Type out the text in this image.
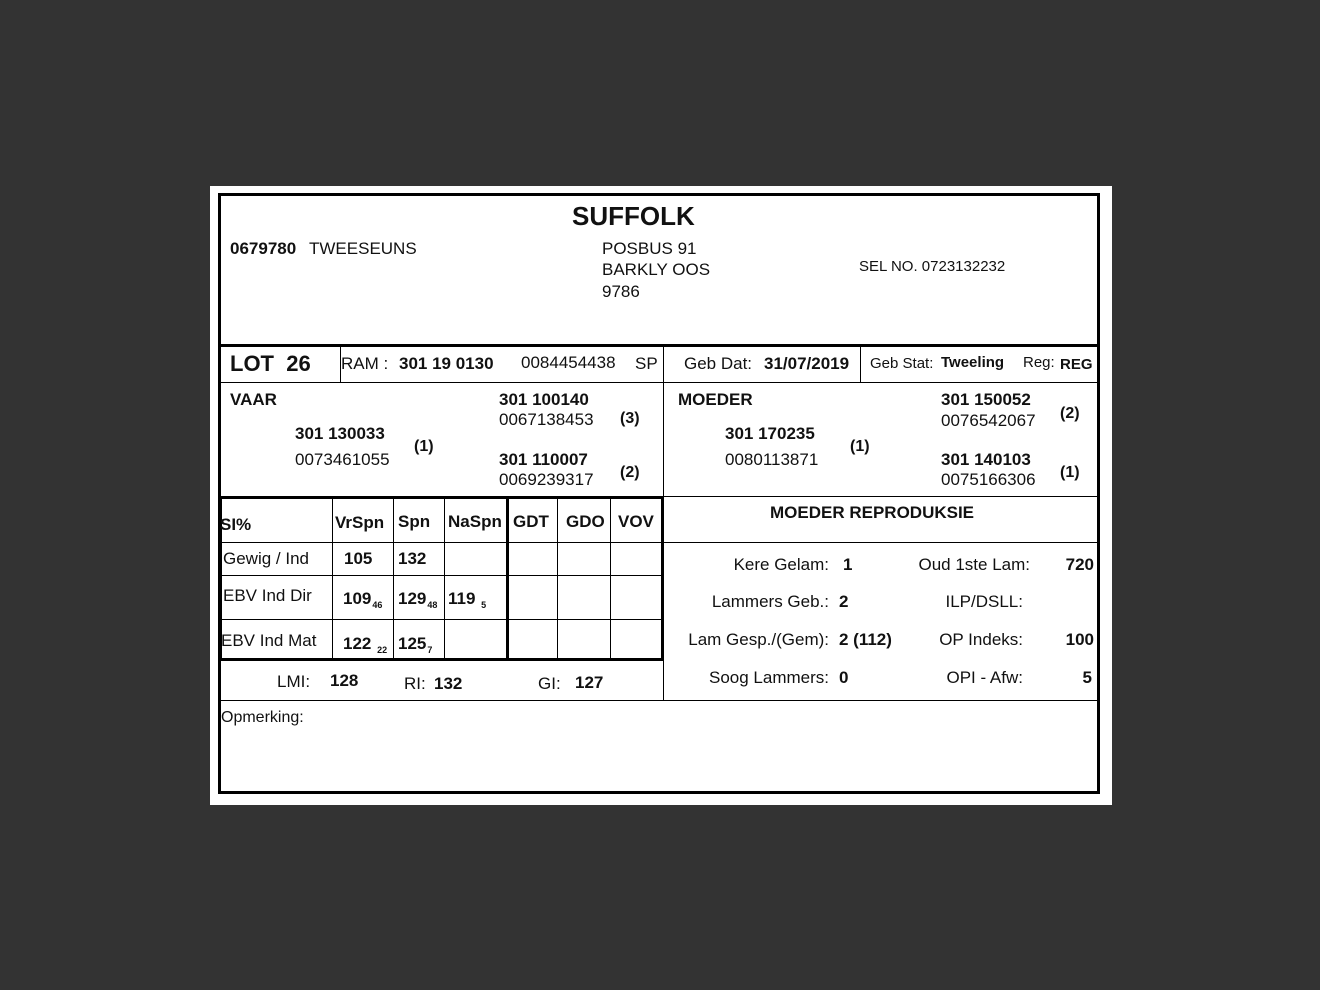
SUFFOLK
0679780 TWEESEUNS	POSBUS 91
BARKLY OOS
9786
SEL NO. 0723132232
LOT  26 RAM : 301 19 0130 0084454438 SP Geb Dat: 31/07/2019 Geb Stat: Tweeling Reg: REG
VAAR
301 130033
0073461055
(1)
301 100140
0067138453 (3)
301 110007
0069239317 (2)
MOEDER
301 170235
0080113871
(1)
301 150052
0076542067 (2)
301 140103
0075166306 (1)
SI%	VrSpn Spn NaSpn GDT GDO VOV
Gewig / Ind 105 132
EBV Ind Dir $109_{46}$ $129_{48}$ 119 $_5$
EBV Ind Mat 122 $_{22}$ $125_7$
LMI: 128	RI: 132	GI: 127
MOEDER REPRODUKSIE
Kere Gelam: 1
Lammers Geb.: 2
Lam Gesp./(Gem): 2 (112)
Soog Lammers: 0
Oud 1ste Lam: 720
ILP/DSLL:
OP Indeks:	100
OPI - Afw:	5
Opmerking:
